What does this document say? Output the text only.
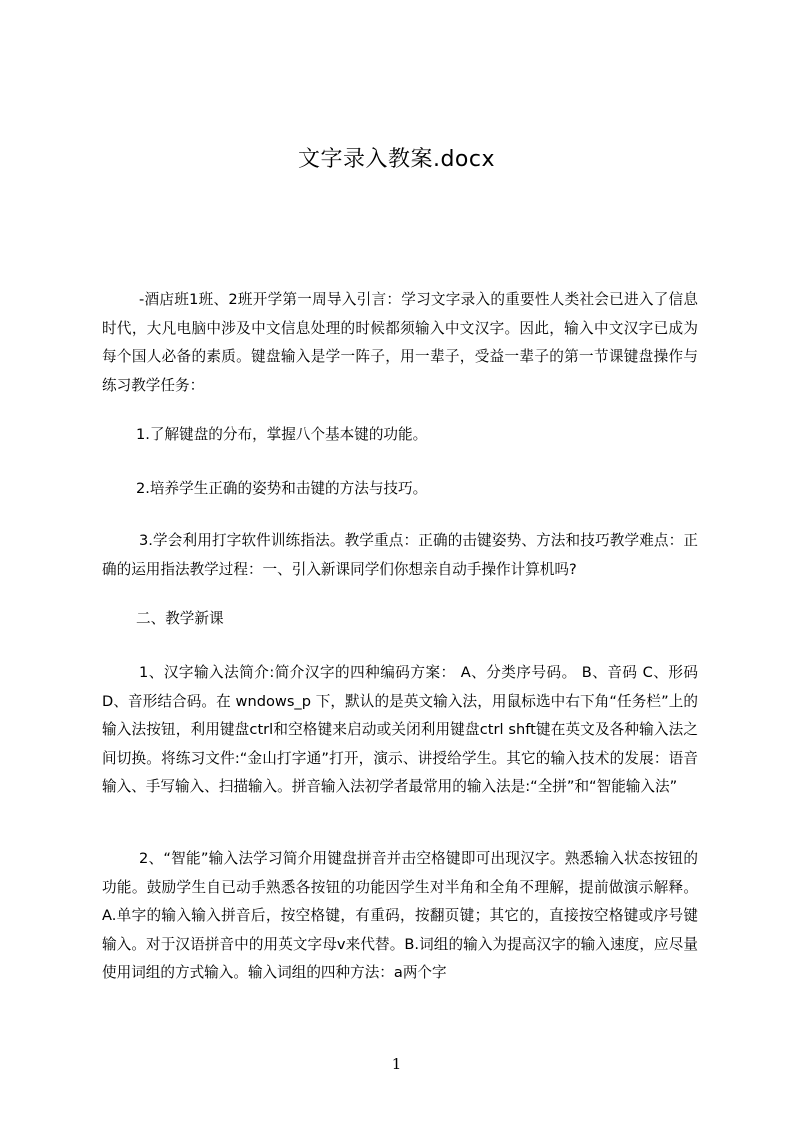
文字录入教案.docx
-酒店班1班、2班开学第一周导入引言：学习文字录入的重要性人类社会已进入了信息时代，大凡电脑中涉及中文信息处理的时候都须输入中文汉字。因此，输入中文汉字已成为每个国人必备的素质。键盘输入是学一阵子，用一辈子，受益一辈子的第一节课键盘操作与练习教学任务：
1.了解键盘的分布，掌握八个基本键的功能。
2.培养学生正确的姿势和击键的方法与技巧。
3.学会利用打字软件训练指法。教学重点：正确的击键姿势、方法和技巧教学难点：正确的运用指法教学过程：一、引入新课同学们你想亲自动手操作计算机吗?
二、教学新课
1、汉字输入法简介:简介汉字的四种编码方案： A、分类序号码。 B、音码 C、形码 D、音形结合码。在 wndows_p 下，默认的是英文输入法，用鼠标选中右下角“任务栏”上的输入法按钮，利用键盘ctrl和空格键来启动或关闭利用键盘ctrl shft键在英文及各种输入法之间切换。将练习文件:“金山打字通”打开，演示、讲授给学生。其它的输入技术的发展：语音输入、手写输入、扫描输入。拼音输入法初学者最常用的输入法是:“全拼”和“智能输入法”
2、“智能”输入法学习简介用键盘拼音并击空格键即可出现汉字。熟悉输入状态按钮的功能。鼓励学生自已动手熟悉各按钮的功能因学生对半角和全角不理解，提前做演示解释。A.单字的输入输入拼音后，按空格键，有重码，按翻页键；其它的，直接按空格键或序号键输入。对于汉语拼音中的用英文字母v来代替。B.词组的输入为提高汉字的输入速度，应尽量使用词组的方式输入。输入词组的四种方法：a两个字
1
